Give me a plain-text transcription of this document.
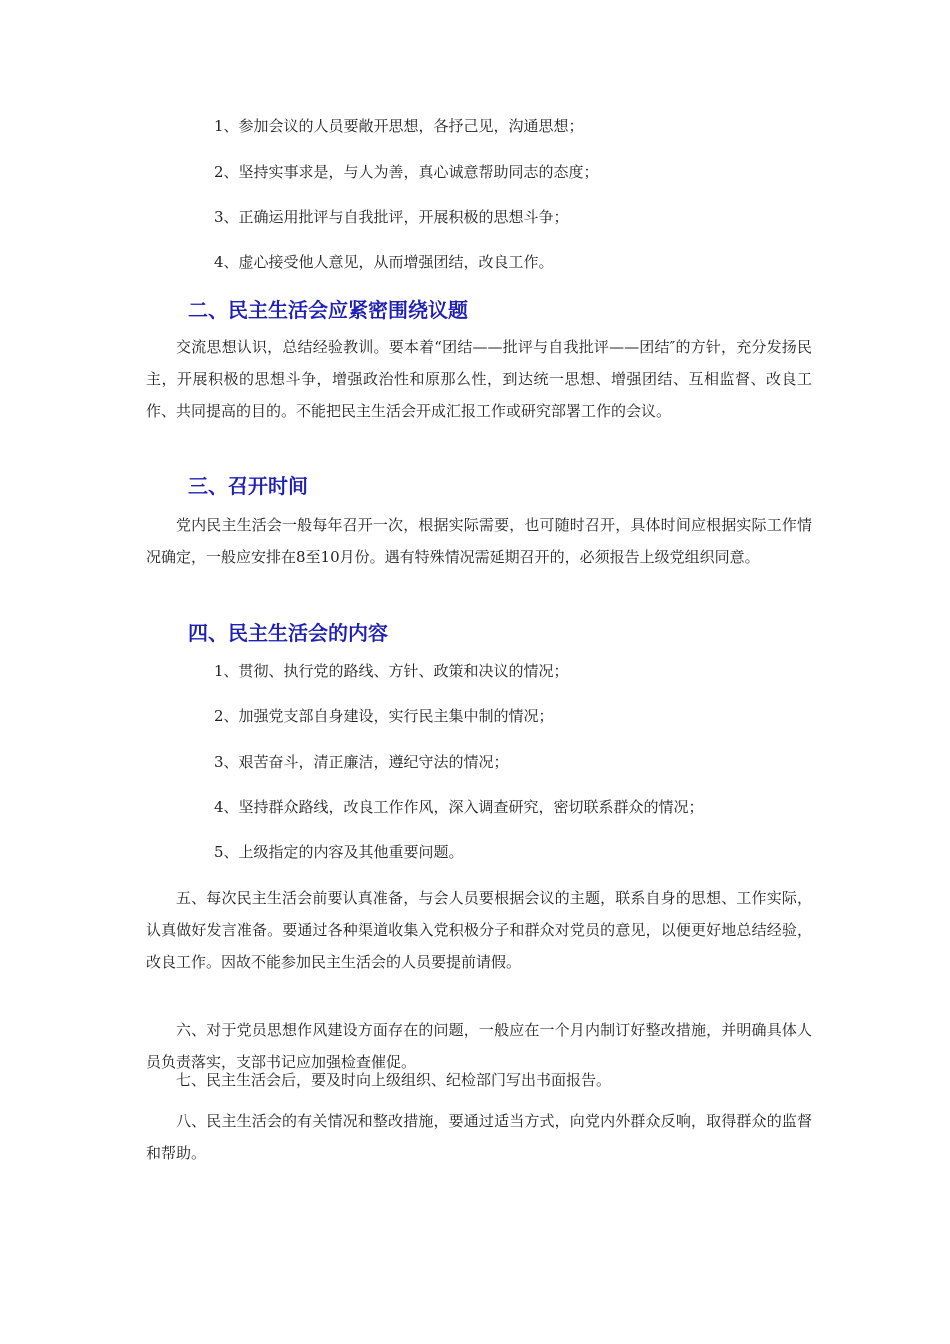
1、参加会议的人员要敞开思想，各抒己见，沟通思想；
2、坚持实事求是，与人为善，真心诚意帮助同志的态度；
3、正确运用批评与自我批评，开展积极的思想斗争；
4、虚心接受他人意见，从而增强团结，改良工作。
二、民主生活会应紧密围绕议题
交流思想认识，总结经验教训。要本着“团结——批评与自我批评——团结″的方针，充分发扬民主，开展积极的思想斗争，增强政治性和原那么性，到达统一思想、增强团结、互相监督、改良工作、共同提高的目的。不能把民主生活会开成汇报工作或研究部署工作的会议。
三、召开时间
党内民主生活会一般每年召开一次，根据实际需要，也可随时召开，具体时间应根据实际工作情况确定，一般应安排在8至10月份。遇有特殊情况需延期召开的，必须报告上级党组织同意。
四、民主生活会的内容
1、贯彻、执行党的路线、方针、政策和决议的情况；
2、加强党支部自身建设，实行民主集中制的情况；
3、艰苦奋斗，清正廉洁，遵纪守法的情况；
4、坚持群众路线，改良工作作风，深入调查研究，密切联系群众的情况；
5、上级指定的内容及其他重要问题。
五、每次民主生活会前要认真准备，与会人员要根据会议的主题，联系自身的思想、工作实际，认真做好发言准备。要通过各种渠道收集入党积极分子和群众对党员的意见，以便更好地总结经验，改良工作。因故不能参加民主生活会的人员要提前请假。
六、对于党员思想作风建设方面存在的问题，一般应在一个月内制订好整改措施，并明确具体人员负责落实，支部书记应加强检查催促。
七、民主生活会后，要及时向上级组织、纪检部门写出书面报告。
八、民主生活会的有关情况和整改措施，要通过适当方式，向党内外群众反响，取得群众的监督和帮助。
